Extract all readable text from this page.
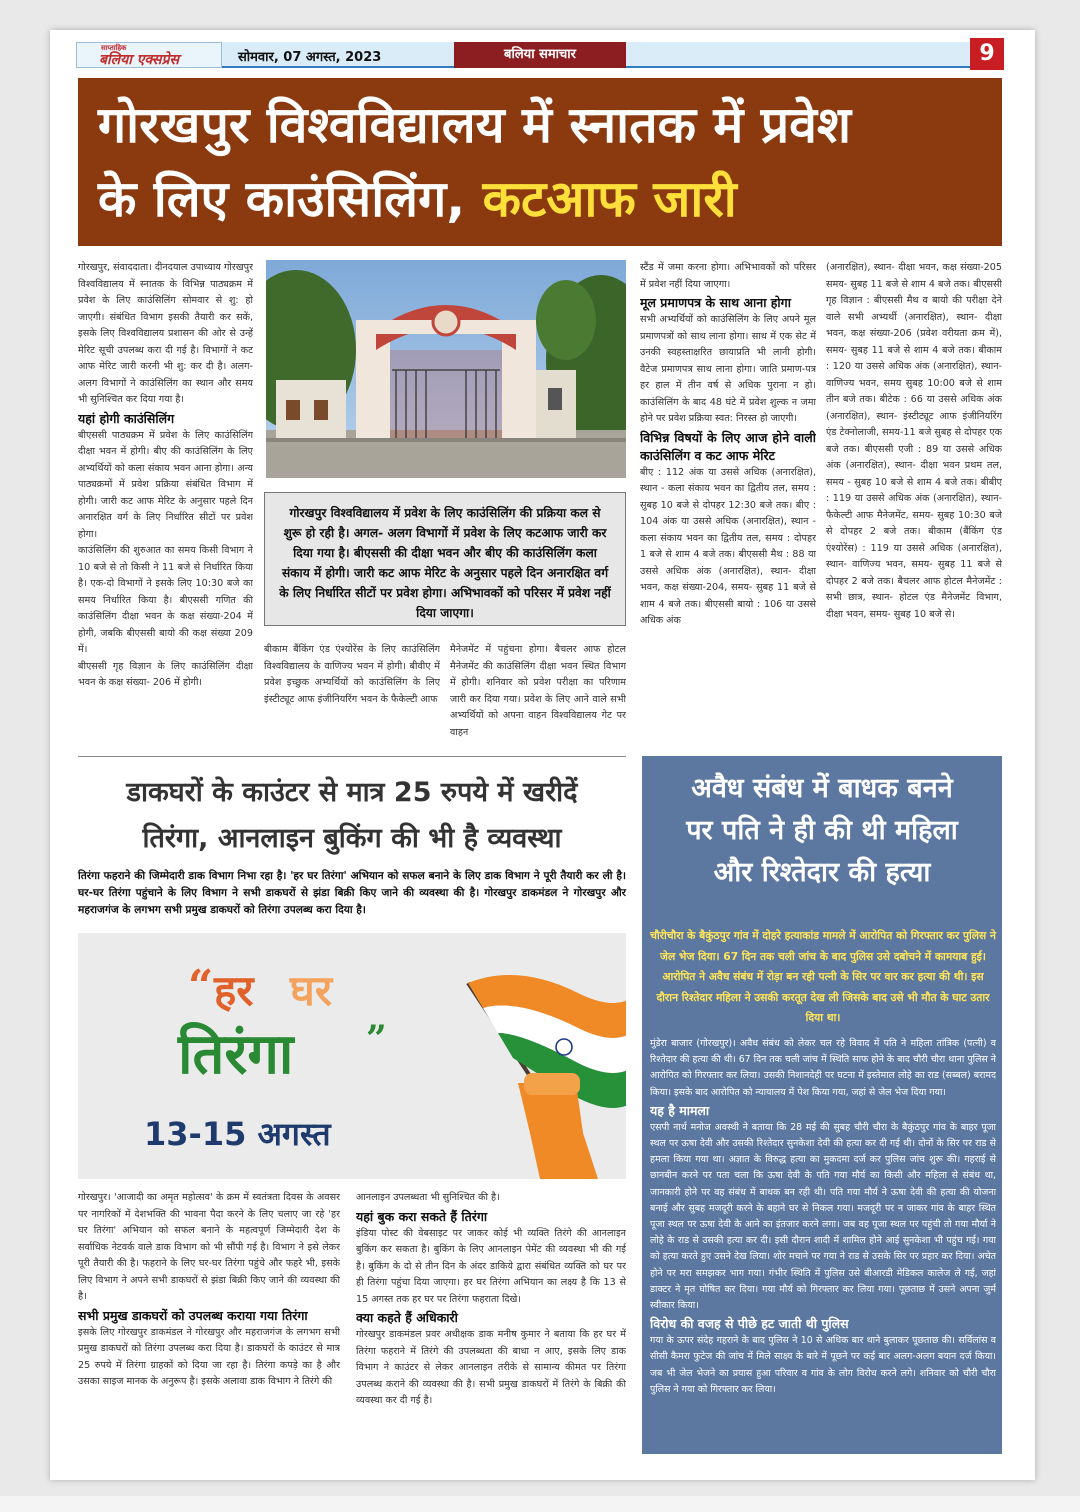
साप्ताहिक
बलिया एक्सप्रेस	सोमवार, 07 अगस्त, 2023	बलिया समाचार	9
गोरखपुर विश्वविद्यालय में स्नातक में प्रवेश
के लिए काउंसिलिंग, कटआफ जारी

गोरखपुर, संवाददाता। दीनदयाल उपाध्याय गोरखपुर विश्वविद्यालय में स्नातक के विभिन्न पाठ्यक्रम में प्रवेश के लिए काउंसिलिंग सोमवार से शु: हो जाएगी। संबंधित विभाग इसकी तैयारी कर सकें, इसके लिए विश्वविद्यालय प्रशासन की ओर से उन्हें मेरिट सूची उपलब्ध करा दी गई है। विभागों ने कट आफ मेरिट जारी करनी भी शु: कर दी है। अलग-अलग विभागों ने काउंसिलिंग का स्थान और समय भी सुनिश्चित कर दिया गया है।

यहां होगी काउंसिलिंग

बीएससी पाठ्यक्रम में प्रवेश के लिए काउंसिलिंग दीक्षा भवन में होगी। बीए की काउंसिलिंग के लिए अभ्यर्थियों को कला संकाय भवन आना होगा। अन्य पाठ्यक्रमों में प्रवेश प्रक्रिया संबंधित विभाग में होगी। जारी कट आफ मेरिट के अनुसार पहले दिन अनारक्षित वर्ग के लिए निर्धारित सीटों पर प्रवेश होगा।

काउंसिलिंग की शुरुआत का समय किसी विभाग ने 10 बजे से तो किसी ने 11 बजे से निर्धारित किया है। एक-दो विभागों ने इसके लिए 10:30 बजे का समय निर्धारित किया है। बीएससी गणित की काउंसिलिंग दीक्षा भवन के कक्ष संख्या-204 में होगी, जबकि बीएससी बायो की कक्ष संख्या 209 में।

बीएससी गृह विज्ञान के लिए काउंसिलिंग दीक्षा भवन के कक्ष संख्या- 206 में होगी।

गोरखपुर विश्वविद्यालय में प्रवेश के लिए काउंसिलिंग की प्रक्रिया कल से शुरू हो रही है। अगल- अलग विभागों में प्रवेश के लिए कटआफ जारी कर दिया गया है। बीएससी की दीक्षा भवन और बीए की काउंसिलिंग कला संकाय में होगी। जारी कट आफ मेरिट के अनुसार पहले दिन अनारक्षित वर्ग के लिए निर्धारित सीटों पर प्रवेश होगा। अभिभावकों को परिसर में प्रवेश नहीं दिया जाएगा।

बीकाम बैंकिंग एंड एंश्योरेंस के लिए काउंसिलिंग विश्वविद्यालय के वाणिज्य भवन में होगी। बीवीए में प्रवेश इच्छुक अभ्यर्थियों को काउंसिलिंग के लिए इंस्टीट्यूट आफ इंजीनियरिंग भवन के फैकेल्टी आफ

मैनेजमेंट में पहुंचना होगा। बैचलर आफ होटल मैनेजमेंट की काउंसिलिंग दीक्षा भवन स्थित विभाग में होगी। शनिवार को प्रवेश परीक्षा का परिणाम जारी कर दिया गया। प्रवेश के लिए आने वाले सभी अभ्यर्थियों को अपना वाहन विश्वविद्यालय गेट पर वाहन

स्टैंड में जमा करना होगा। अभिभावकों को परिसर में प्रवेश नहीं दिया जाएगा।

मूल प्रमाणपत्र के साथ आना होगा

सभी अभ्यर्थियों को काउंसिलिंग के लिए अपने मूल प्रमाणपत्रों को साथ लाना होगा। साथ में एक सेट में उनकी स्वहस्ताक्षरित छायाप्रति भी लानी होगी। वैटेज प्रमाणपत्र साथ लाना होगा। जाति प्रमाण-पत्र हर हाल में तीन वर्ष से अधिक पुराना न हो। काउंसिलिंग के बाद 48 घंटे में प्रवेश शुल्क न जमा होने पर प्रवेश प्रक्रिया स्वत: निरस्त हो जाएगी।

विभिन्न विषयों के लिए आज होने वाली काउंसिलिंग व कट आफ मेरिट

बीए : 112 अंक या उससे अधिक (अनारक्षित), स्थान - कला संकाय भवन का द्वितीय तल, समय : सुबह 10 बजे से दोपहर 12:30 बजे तक। बीए : 104 अंक या उससे अधिक (अनारक्षित), स्थान - कला संकाय भवन का द्वितीय तल, समय : दोपहर 1 बजे से शाम 4 बजे तक। बीएससी मैथ : 88 या उससे अधिक अंक (अनारक्षित), स्थान- दीक्षा भवन, कक्ष संख्या-204, समय- सुबह 11 बजे से शाम 4 बजे तक। बीएससी बायो : 106 या उससे अधिक अंक

(अनारक्षित), स्थान- दीक्षा भवन, कक्ष संख्या-205 समय- सुबह 11 बजे से शाम 4 बजे तक। बीएससी गृह विज्ञान : बीएससी मैथ व बायो की परीक्षा देने वाले सभी अभ्यर्थी (अनारक्षित), स्थान- दीक्षा भवन, कक्ष संख्या-206 (प्रवेश वरीयता क्रम में), समय- सुबह 11 बजे से शाम 4 बजे तक। बीकाम : 120 या उससे अधिक अंक (अनारक्षित), स्थान- वाणिज्य भवन, समय सुबह 10:00 बजे से शाम तीन बजे तक। बीटेक : 66 या उससे अधिक अंक (अनारक्षित), स्थान- इंस्टीट्यूट आफ इंजीनियरिंग एंड टेक्नोलाजी, समय-11 बजे सुबह से दोपहर एक बजे तक। बीएससी एजी : 89 या उससे अधिक अंक (अनारक्षित), स्थान- दीक्षा भवन प्रथम तल, समय - सुबह 10 बजे से शाम 4 बजे तक। बीबीए : 119 या उससे अधिक अंक (अनारक्षित), स्थान- फैकेल्टी आफ मैनेजमेंट, समय- सुबह 10:30 बजे से दोपहर 2 बजे तक। बीकाम (बैंकिंग एंड एंश्योरेंस) : 119 या उससे अधिक (अनारक्षित), स्थान- वाणिज्य भवन, समय- सुबह 11 बजे से दोपहर 2 बजे तक। बैचलर आफ होटल मैनेजमेंट : सभी छात्र, स्थान- होटल एंड मैनेजमेंट विभाग, दीक्षा भवन, समय- सुबह 10 बजे से।

डाकघरों के काउंटर से मात्र 25 रुपये में खरीदें
तिरंगा, आनलाइन बुकिंग की भी है व्यवस्था
तिरंगा फहराने की जिम्मेदारी डाक विभाग निभा रहा है। 'हर घर तिरंगा' अभियान को सफल बनाने के लिए डाक विभाग ने पूरी तैयारी कर ली है। घर-घर तिरंगा पहुंचाने के लिए विभाग ने सभी डाकघरों से झंडा बिक्री किए जाने की व्यवस्था की है। गोरखपुर डाकमंडल ने गोरखपुर और महराजगंज के लगभग सभी प्रमुख डाकघरों को तिरंगा उपलब्ध करा दिया है।
“ हर घर
तिरंगा ”
13-15 अगस्त

गोरखपुर। 'आजादी का अमृत महोत्सव' के क्रम में स्वतंत्रता दिवस के अवसर पर नागरिकों में देशभक्ति की भावना पैदा करने के लिए चलाए जा रहे 'हर घर तिरंगा' अभियान को सफल बनाने के महत्वपूर्ण जिम्मेदारी देश के सर्वाधिक नेटवर्क वाले डाक विभाग को भी सौंपी गई है। विभाग ने इसे लेकर पूरी तैयारी की है। फहराने के लिए घर-घर तिरंगा पहुंचे और फहरे भी, इसके लिए विभाग ने अपने सभी डाकघरों से झंडा बिक्री किए जाने की व्यवस्था की है।

सभी प्रमुख डाकघरों को उपलब्ध कराया गया तिरंगा

इसके लिए गोरखपुर डाकमंडल ने गोरखपुर और महराजगंज के लगभग सभी प्रमुख डाकघरों को तिरंगा उपलब्ध करा दिया है। डाकघरों के काउंटर से मात्र 25 रुपये में तिरंगा ग्राहकों को दिया जा रहा है। तिरंगा कपड़े का है और उसका साइज मानक के अनुरूप है। इसके अलावा डाक विभाग ने तिरंगे की

आनलाइन उपलब्धता भी सुनिश्चित की है।

यहां बुक करा सकते हैं तिरंगा

इंडिया पोस्ट की वेबसाइट पर जाकर कोई भी व्यक्ति तिरंगे की आनलाइन बुकिंग कर सकता है। बुकिंग के लिए आनलाइन पेमेंट की व्यवस्था भी की गई है। बुकिंग के दो से तीन दिन के अंदर डाकिये द्वारा संबंधित व्यक्ति को घर पर ही तिरंगा पहुंचा दिया जाएगा। हर घर तिरंगा अभियान का लक्ष्य है कि 13 से 15 अगस्त तक हर घर पर तिरंगा फहराता दिखे।

क्या कहते हैं अधिकारी

गोरखपुर डाकमंडल प्रवर अधीक्षक डाक मनीष कुमार ने बताया कि हर घर में तिरंगा फहराने में तिरंगे की उपलब्धता की बाधा न आए, इसके लिए डाक विभाग ने काउंटर से लेकर आनलाइन तरीके से सामान्य कीमत पर तिरंगा उपलब्ध कराने की व्यवस्था की है। सभी प्रमुख डाकघरों में तिरंगे के बिक्री की व्यवस्था कर दी गई है।

अवैध संबंध में बाधक बनने
पर पति ने ही की थी महिला
और रिश्तेदार की हत्या
चौरीचौरा के बैकुंठपुर गांव में दोहरे हत्याकांड मामले में आरोपित को गिरफ्तार कर पुलिस ने जेल भेज दिया। 67 दिन तक चली जांच के बाद पुलिस उसे दबोचने में कामयाब हुई। आरोपित ने अवैध संबंध में रोड़ा बन रही पत्नी के सिर पर वार कर हत्या की थी। इस दौरान रिश्तेदार महिला ने उसकी करतूत देख ली जिसके बाद उसे भी मौत के घाट उतार दिया था।

मुंडेरा बाजार (गोरखपुर)। अवैध संबंध को लेकर चल रहे विवाद में पति ने महिला तांत्रिक (पत्नी) व रिश्तेदार की हत्या की थी। 67 दिन तक चली जांच में स्थिति साफ होने के बाद चौरी चौरा थाना पुलिस ने आरोपित को गिरफ्तार कर लिया। उसकी निशानदेही पर घटना में इस्तेमाल लोहे का राड (सब्बल) बरामद किया। इसके बाद आरोपित को न्यायालय में पेश किया गया, जहां से जेल भेज दिया गया।

यह है मामला

एसपी नार्थ मनोज अवस्थी ने बताया कि 28 मई की सुबह चौरी चौरा के बैकुंठपुर गांव के बाहर पूजा स्थल पर ऊषा देवी और उसकी रिश्तेदार सुनकेशा देवी की हत्या कर दी गई थी। दोनों के सिर पर राड से हमला किया गया था। अज्ञात के विरुद्ध हत्या का मुकदमा दर्ज कर पुलिस जांच शुरू की। गहराई से छानबीन करने पर पता चला कि ऊषा देवी के पति गया मौर्य का किसी और महिला से संबंध था, जानकारी होने पर वह संबंध में बाधक बन रही थी। पति गया मौर्य ने ऊषा देवी की हत्या की योजना बनाई और सुबह मजदूरी करने के बहाने घर से निकल गया। मजदूरी पर न जाकर गांव के बाहर स्थित पूजा स्थल पर ऊषा देवी के आने का इंतजार करने लगा। जब वह पूजा स्थल पर पहुंची तो गया मौर्या ने लोहे के राड से उसकी हत्या कर दी। इसी दौरान शादी में शामिल होने आई सुनकेशा भी पहुंच गई। गया को हत्या करते हुए उसने देख लिया। शोर मचाने पर गया ने राड से उसके सिर पर प्रहार कर दिया। अचेत होने पर मरा समझकर भाग गया। गंभीर स्थिति में पुलिस उसे बीआरडी मेडिकल कालेज ले गई, जहां डाक्टर ने मृत घोषित कर दिया। गया मौर्य को गिरफ्तार कर लिया गया। पूछताछ में उसने अपना जुर्म स्वीकार किया।

विरोध की वजह से पीछे हट जाती थी पुलिस

गया के ऊपर संदेह गहराने के बाद पुलिस ने 10 से अधिक बार थाने बुलाकर पूछताछ की। सर्विलांस व सीसी कैमरा फुटेज की जांच में मिले साक्ष्य के बारे में पूछने पर कई बार अलग-अलग बयान दर्ज किया। जब भी जेल भेजने का प्रयास हुआ परिवार व गांव के लोग विरोध करने लगे। शनिवार को चौरी चौरा पुलिस ने गया को गिरफ्तार कर लिया।
